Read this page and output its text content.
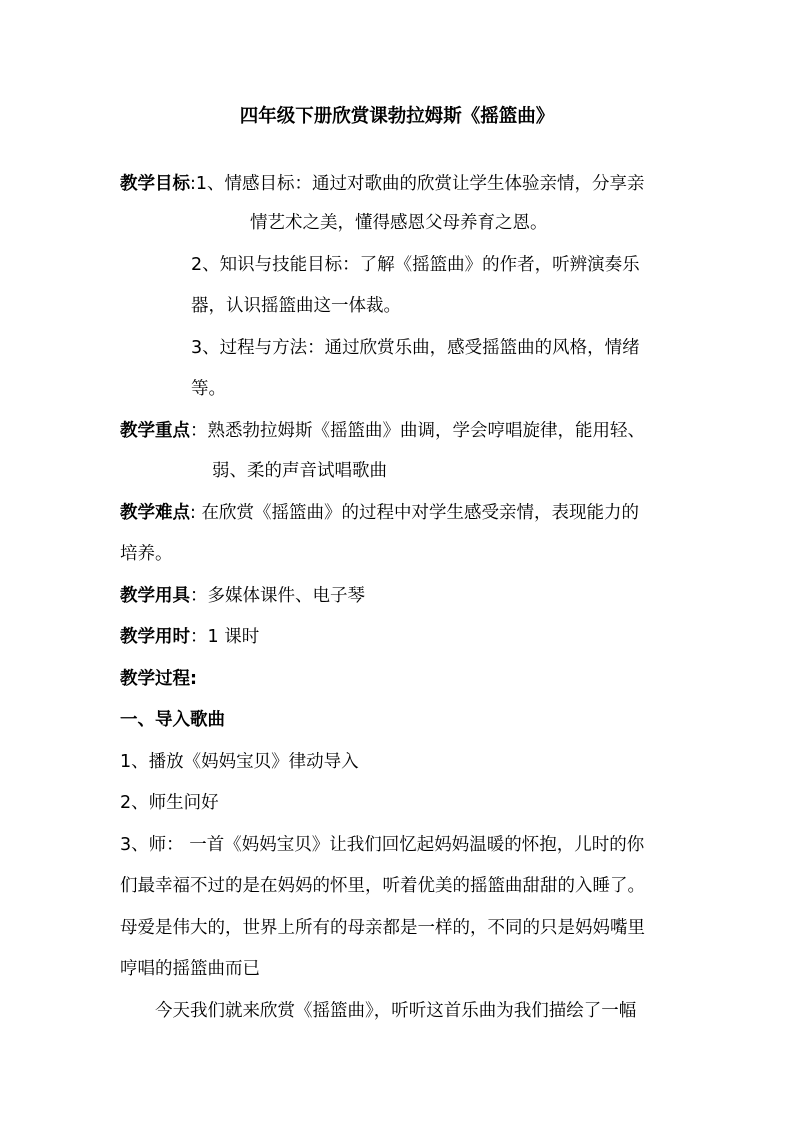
四年级下册欣赏课勃拉姆斯《摇篮曲》
教学目标:1、情感目标：通过对歌曲的欣赏让学生体验亲情，分享亲
情艺术之美，懂得感恩父母养育之恩。
2、知识与技能目标：了解《摇篮曲》的作者，听辨演奏乐
器，认识摇篮曲这一体裁。
3、过程与方法：通过欣赏乐曲，感受摇篮曲的风格，情绪
等。
教学重点：熟悉勃拉姆斯《摇篮曲》曲调，学会哼唱旋律，能用轻、
弱、柔的声音试唱歌曲
教学难点: 在欣赏《摇篮曲》的过程中对学生感受亲情，表现能力的
培养。
教学用具：多媒体课件、电子琴
教学用时：1 课时
教学过程:
一、导入歌曲
1、播放《妈妈宝贝》律动导入
2、师生问好
3、师： 一首《妈妈宝贝》让我们回忆起妈妈温暖的怀抱，儿时的你
们最幸福不过的是在妈妈的怀里，听着优美的摇篮曲甜甜的入睡了。
母爱是伟大的，世界上所有的母亲都是一样的，不同的只是妈妈嘴里
哼唱的摇篮曲而已
今天我们就来欣赏《摇篮曲》，听听这首乐曲为我们描绘了一幅
